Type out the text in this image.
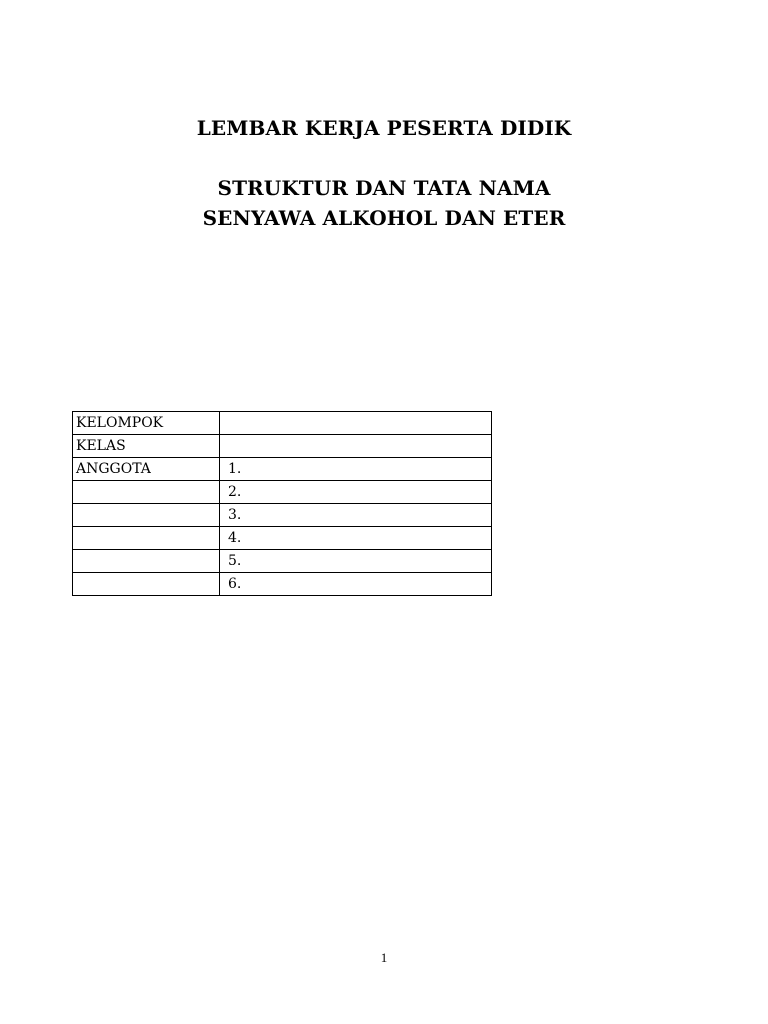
LEMBAR KERJA PESERTA DIDIK
STRUKTUR DAN TATA NAMA
SENYAWA ALKOHOL DAN ETER
KELOMPOK	
KELAS	
ANGGOTA	1.
	2.
	3.
	4.
	5.
	6.
1
